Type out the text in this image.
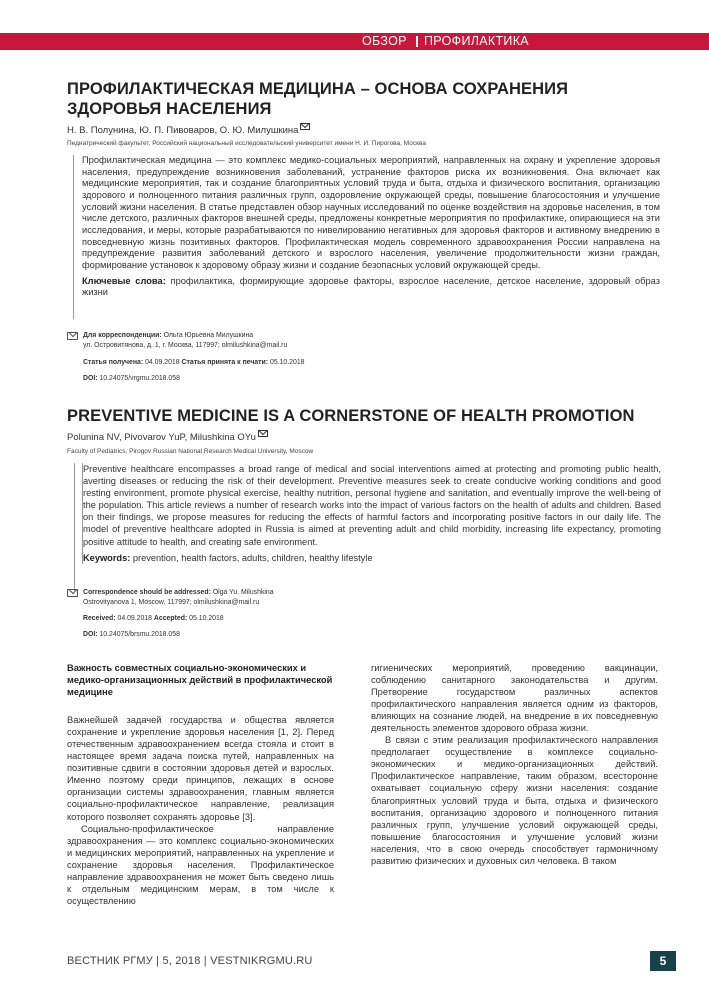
ОБЗОР ПРОФИЛАКТИКА
ПРОФИЛАКТИЧЕСКАЯ МЕДИЦИНА – ОСНОВА СОХРАНЕНИЯ
ЗДОРОВЬЯ НАСЕЛЕНИЯ
Н. В. Полунина, Ю. П. Пивоваров, О. Ю. Милушкина
Педиатрический факультет, Российский национальный исследовательский университет имени Н. И. Пирогова, Москва

Профилактическая медицина — это комплекс медико-социальных мероприятий, направленных на охрану и укрепление здоровья населения, предупреждение возникновения заболеваний, устранение факторов риска их возникновения. Она включает как медицинские мероприятия, так и создание благоприятных условий труда и быта, отдыха и физического воспитания, организацию здорового и полноценного питания различных групп, оздоровление окружающей среды, повышение благосостояния и улучшение условий жизни населения. В статье представлен обзор научных исследований по оценке воздействия на здоровье населения, в том числе детского, различных факторов внешней среды, предложены конкретные мероприятия по профилактике, опирающиеся на эти исследования, и меры, которые разрабатываются по нивелированию негативных для здоровья факторов и активному внедрению в повседневную жизнь позитивных факторов. Профилактическая модель современного здравоохранения России направлена на предупреждение развития заболеваний детского и взрослого населения, увеличение продолжительности жизни граждан, формирование установок к здоровому образу жизни и создание безопасных условий окружающей среды.

Ключевые слова: профилактика, формирующие здоровье факторы, взрослое население, детское население, здоровый образ жизни
Для корреспонденции: Ольга Юрьевна Милушкина
ул. Островитянова, д. 1, г. Москва, 117997; olmilushkina@mail.ru
Статья получена: 04.09.2018 Статья принята к печати: 05.10.2018
DOI: 10.24075/vrgmu.2018.058
PREVENTIVE MEDICINE IS A CORNERSTONE OF HEALTH PROMOTION
Polunina NV, Pivovarov YuP, Milushkina OYu
Faculty of Pediatrics, Pirogov Russian National Research Medical University, Moscow

Preventive healthcare encompasses a broad range of medical and social interventions aimed at protecting and promoting public health, averting diseases or reducing the risk of their development. Preventive measures seek to create conducive working conditions and good resting environment, promote physical exercise, healthy nutrition, personal hygiene and sanitation, and eventually improve the well-being of the population. This article reviews a number of research works into the impact of various factors on the health of adults and children. Based on their findings, we propose measures for reducing the effects of harmful factors and incorporating positive factors in our daily life. The model of preventive healthcare adopted in Russia is aimed at preventing adult and child morbidity, increasing life expectancy, promoting positive attitude to health, and creating safe environment.

Keywords: prevention, health factors, adults, children, healthy lifestyle
Correspondence should be addressed: Olga Yu. Milushkina
Ostrovityanova 1, Moscow, 117997; olmilushkina@mail.ru
Received: 04.09.2018 Accepted: 05.10.2018
DOI: 10.24075/brsmu.2018.058

Важность совместных социально-экономических и медико-организационных действий в профилактической медицине

Важнейшей задачей государства и общества является сохранение и укрепление здоровья населения [1, 2]. Перед отечественным здравоохранением всегда стояла и стоит в настоящее время задача поиска путей, направленных на позитивные сдвиги в состоянии здоровья детей и взрослых. Именно поэтому среди принципов, лежащих в основе организации системы здравоохранения, главным является социально-профилактическое направление, реализация которого позволяет сохранять здоровье [3].

Социально-профилактическое направление здравоохранения — это комплекс социально-экономических и медицинских мероприятий, направленных на укрепление и сохранение здоровья населения. Профилактическое направление здравоохранения не может быть сведено лишь к отдельным медицинским мерам, в том числе к осуществлению

гигиенических мероприятий, проведению вакцинации, соблюдению санитарного законодательства и другим. Претворение государством различных аспектов профилактического направления является одним из факторов, влияющих на сознание людей, на внедрение в их повседневную деятельность элементов здорового образа жизни.

В связи с этим реализация профилактического направления предполагает осуществление в комплексе социально-экономических и медико-организационных действий. Профилактическое направление, таким образом, всесторонне охватывает социальную сферу жизни населения: создание благоприятных условий труда и быта, отдыха и физического воспитания, организацию здорового и полноценного питания различных групп, улучшение условий окружающей среды, повышение благосостояния и улучшение условий жизни населения, что в свою очередь способствует гармоничному развитию физических и духовных сил человека. В таком

ВЕСТНИК РГМУ | 5, 2018 | VESTNIKRGMU.RU	5
